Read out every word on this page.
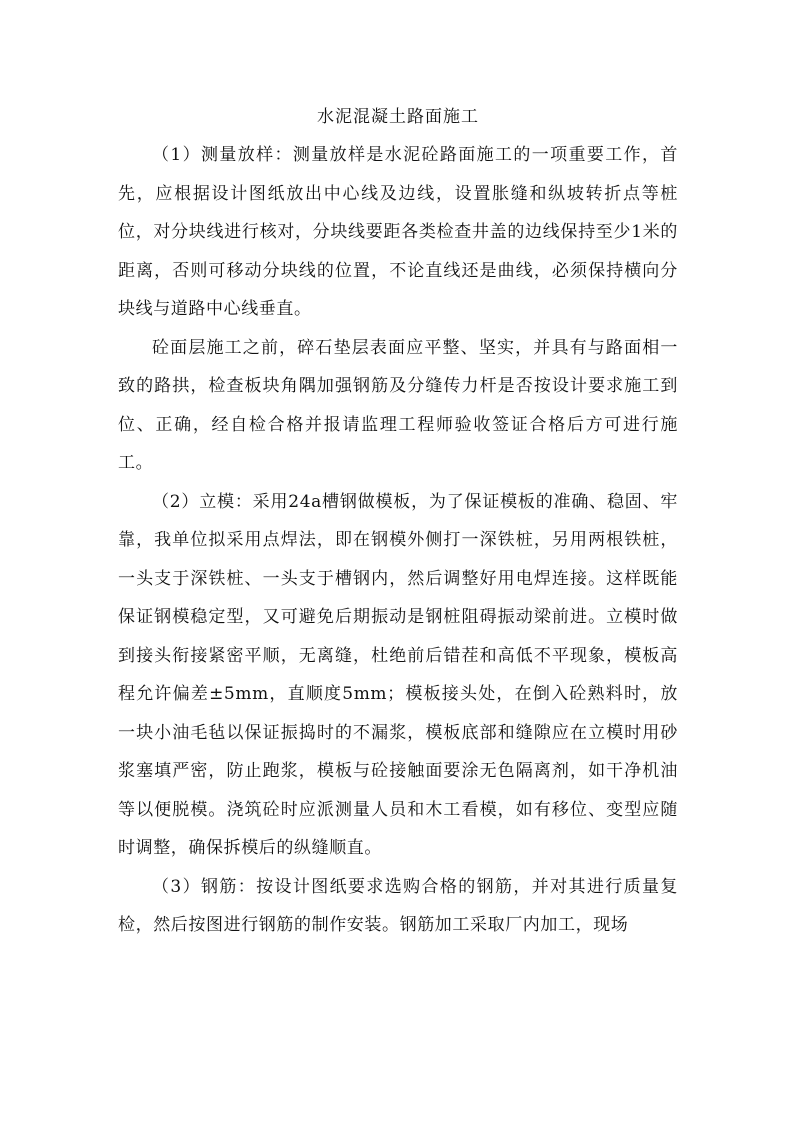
水泥混凝土路面施工

（1）测量放样：测量放样是水泥砼路面施工的一项重要工作，首先，应根据设计图纸放出中心线及边线，设置胀缝和纵坡转折点等桩位，对分块线进行核对，分块线要距各类检查井盖的边线保持至少1米的距离，否则可移动分块线的位置，不论直线还是曲线，必须保持横向分块线与道路中心线垂直。

砼面层施工之前，碎石垫层表面应平整、坚实，并具有与路面相一致的路拱，检查板块角隅加强钢筋及分缝传力杆是否按设计要求施工到位、正确，经自检合格并报请监理工程师验收签证合格后方可进行施工。

（2）立模：采用24a槽钢做模板，为了保证模板的准确、稳固、牢靠，我单位拟采用点焊法，即在钢模外侧打一深铁桩，另用两根铁桩，一头支于深铁桩、一头支于槽钢内，然后调整好用电焊连接。这样既能保证钢模稳定型，又可避免后期振动是钢桩阻碍振动梁前进。立模时做到接头衔接紧密平顺，无离缝，杜绝前后错茬和高低不平现象，模板高程允许偏差±5mm，直顺度5mm；模板接头处，在倒入砼熟料时，放一块小油毛毡以保证振捣时的不漏浆，模板底部和缝隙应在立模时用砂浆塞填严密，防止跑浆，模板与砼接触面要涂无色隔离剂，如干净机油等以便脱模。浇筑砼时应派测量人员和木工看模，如有移位、变型应随时调整，确保拆模后的纵缝顺直。

（3）钢筋：按设计图纸要求选购合格的钢筋，并对其进行质量复检，然后按图进行钢筋的制作安装。钢筋加工采取厂内加工，现场
